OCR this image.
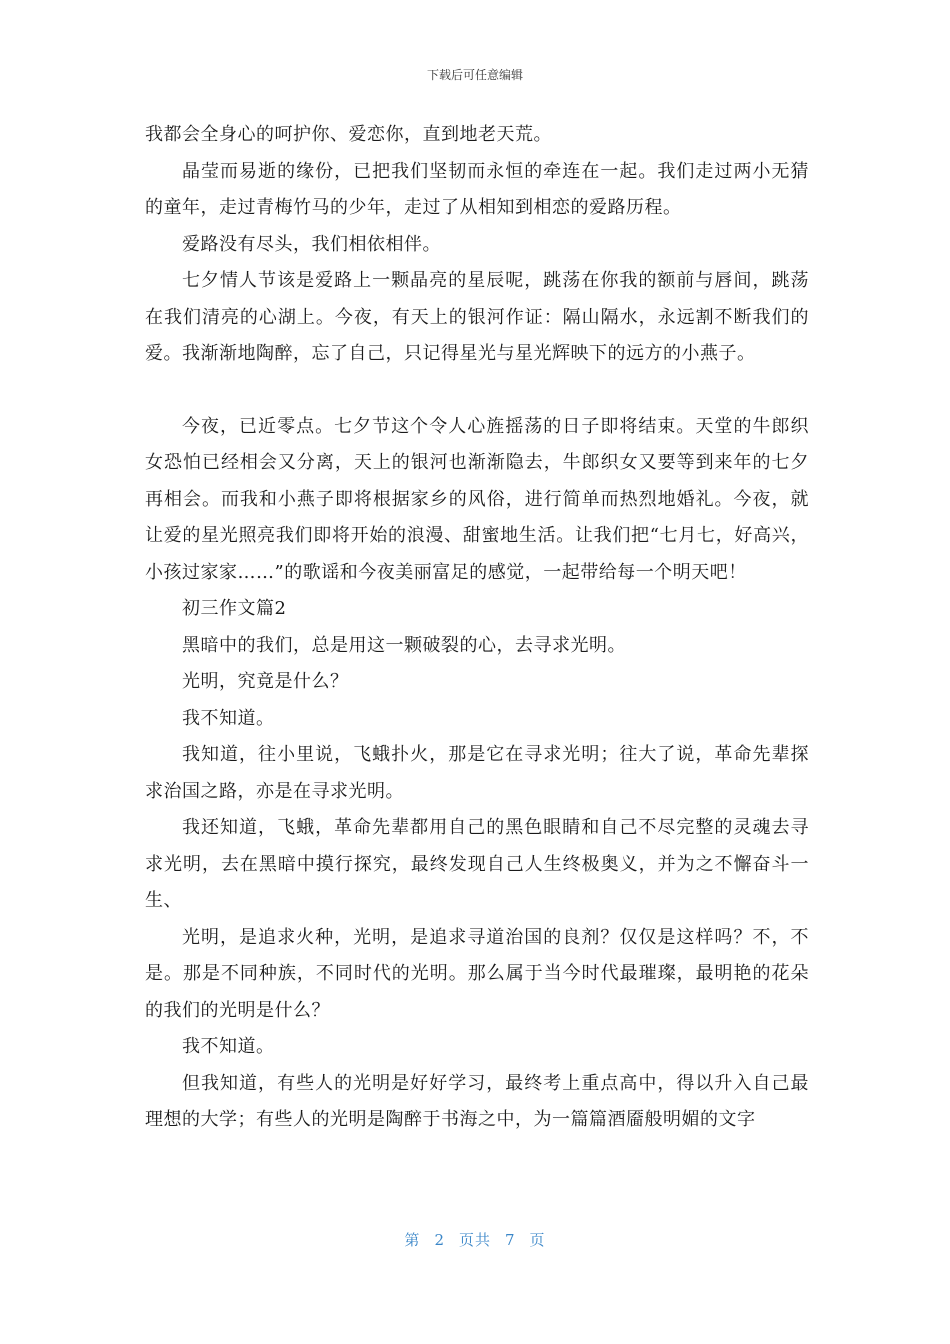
下载后可任意编辑

我都会全身心的呵护你、爱恋你，直到地老天荒。

晶莹而易逝的缘份，已把我们坚韧而永恒的牵连在一起。我们走过两小无猜的童年，走过青梅竹马的少年，走过了从相知到相恋的爱路历程。

爱路没有尽头，我们相依相伴。

七夕情人节该是爱路上一颗晶亮的星辰呢，跳荡在你我的额前与唇间，跳荡在我们清亮的心湖上。今夜，有天上的银河作证：隔山隔水，永远割不断我们的爱。我渐渐地陶醉，忘了自己，只记得星光与星光辉映下的远方的小燕子。

今夜，已近零点。七夕节这个令人心旌摇荡的日子即将结束。天堂的牛郎织女恐怕已经相会又分离，天上的银河也渐渐隐去，牛郎织女又要等到来年的七夕再相会。而我和小燕子即将根据家乡的风俗，进行简单而热烈地婚礼。今夜，就让爱的星光照亮我们即将开始的浪漫、甜蜜地生活。让我们把“七月七，好高兴，小孩过家家……”的歌谣和今夜美丽富足的感觉，一起带给每一个明天吧！

初三作文篇2

黑暗中的我们，总是用这一颗破裂的心，去寻求光明。

光明，究竟是什么？

我不知道。

我知道，往小里说，飞蛾扑火，那是它在寻求光明；往大了说，革命先辈探求治国之路，亦是在寻求光明。

我还知道，飞蛾，革命先辈都用自己的黑色眼睛和自己不尽完整的灵魂去寻求光明，去在黑暗中摸行探究，最终发现自己人生终极奥义，并为之不懈奋斗一生、

光明，是追求火种，光明，是追求寻道治国的良剂？仅仅是这样吗？不，不是。那是不同种族，不同时代的光明。那么属于当今时代最璀璨，最明艳的花朵的我们的光明是什么？

我不知道。

但我知道，有些人的光明是好好学习，最终考上重点高中，得以升入自己最理想的大学；有些人的光明是陶醉于书海之中，为一篇篇酒靥般明媚的文字

第 2 页共 7 页
